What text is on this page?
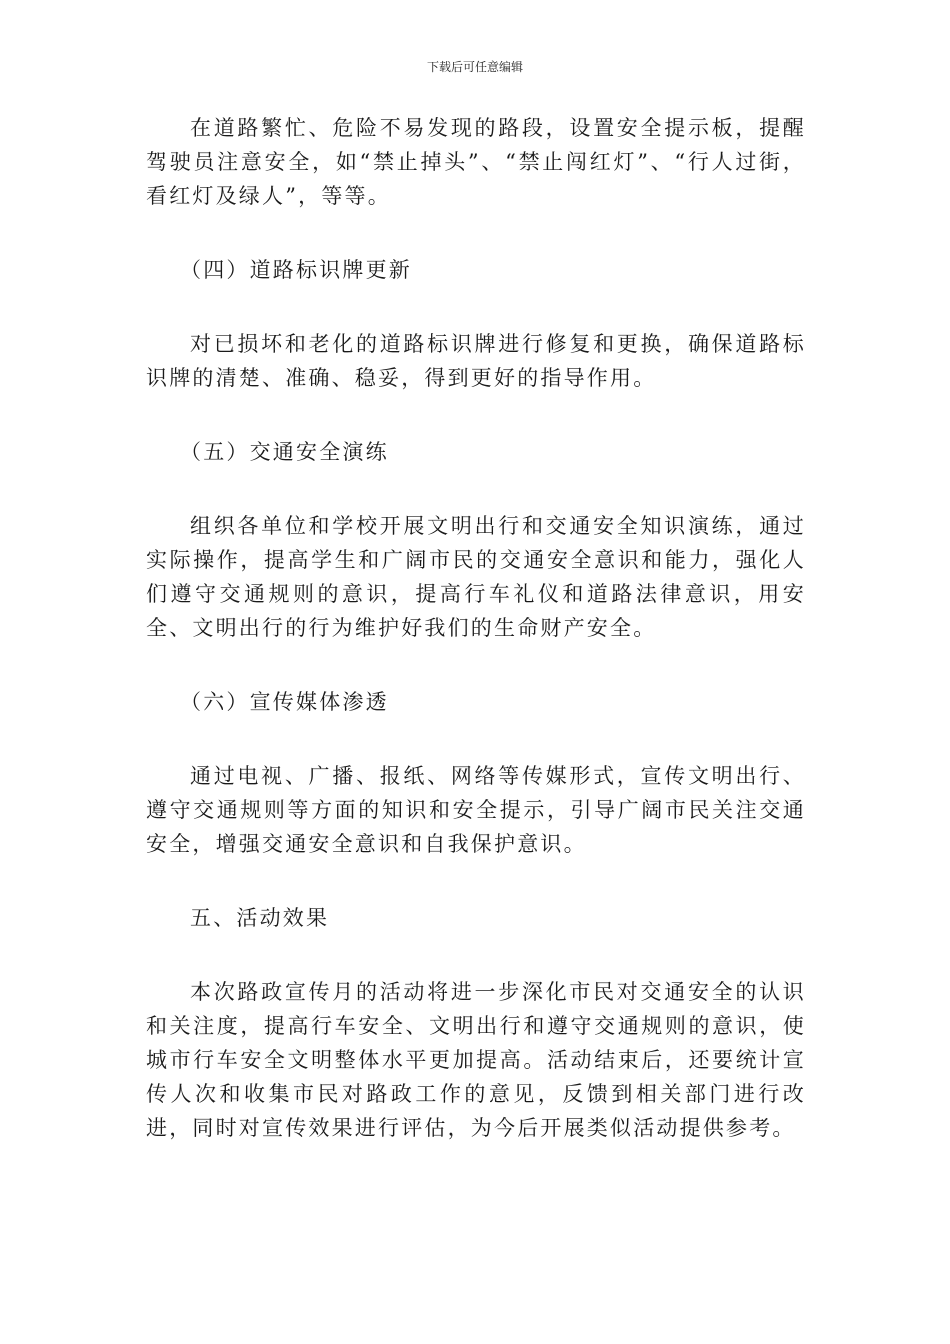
下载后可任意编辑

在道路繁忙、危险不易发现的路段，设置安全提示板，提醒驾驶员注意安全，如“禁止掉头”、“禁止闯红灯”、“行人过街，看红灯及绿人”，等等。

（四）道路标识牌更新

对已损坏和老化的道路标识牌进行修复和更换，确保道路标识牌的清楚、准确、稳妥，得到更好的指导作用。

（五）交通安全演练

组织各单位和学校开展文明出行和交通安全知识演练，通过实际操作，提高学生和广阔市民的交通安全意识和能力，强化人们遵守交通规则的意识，提高行车礼仪和道路法律意识，用安全、文明出行的行为维护好我们的生命财产安全。

（六）宣传媒体渗透

通过电视、广播、报纸、网络等传媒形式，宣传文明出行、遵守交通规则等方面的知识和安全提示，引导广阔市民关注交通安全，增强交通安全意识和自我保护意识。

五、活动效果

本次路政宣传月的活动将进一步深化市民对交通安全的认识和关注度，提高行车安全、文明出行和遵守交通规则的意识，使城市行车安全文明整体水平更加提高。活动结束后，还要统计宣传人次和收集市民对路政工作的意见，反馈到相关部门进行改进，同时对宣传效果进行评估，为今后开展类似活动提供参考。
